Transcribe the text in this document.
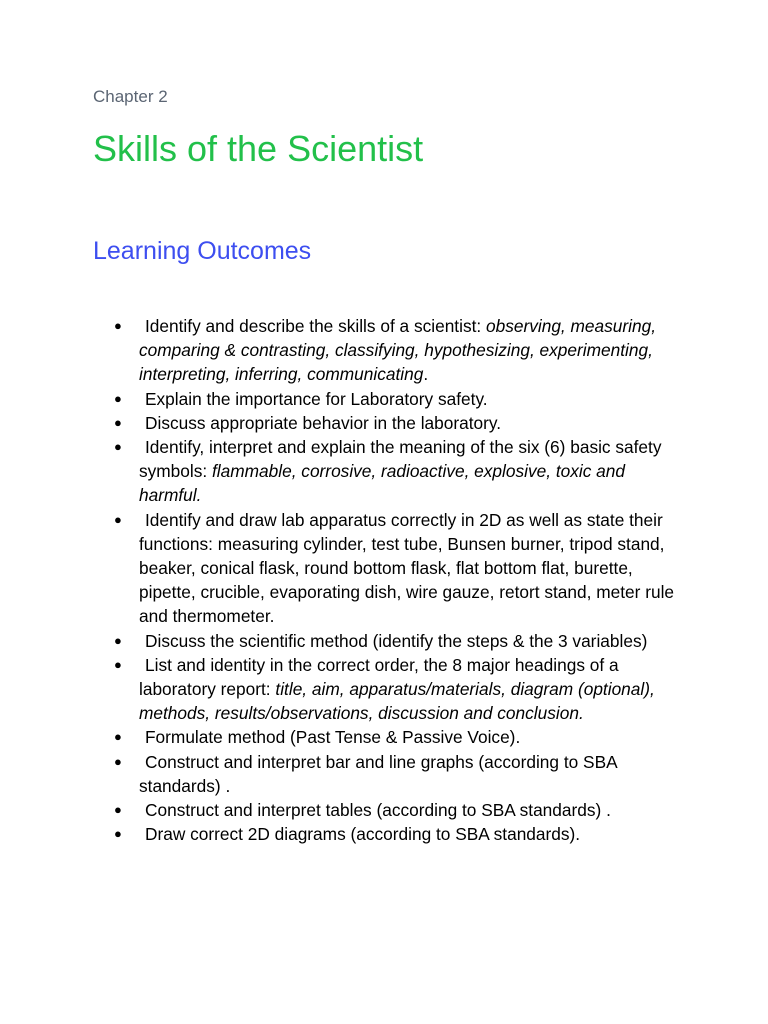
Chapter 2
Skills of the Scientist
Learning Outcomes
● Identify and describe the skills of a scientist: observing, measuring, comparing & contrasting, classifying, hypothesizing, experimenting, interpreting, inferring, communicating.
● Explain the importance for Laboratory safety.
● Discuss appropriate behavior in the laboratory.
● Identify, interpret and explain the meaning of the six (6) basic safety symbols: flammable, corrosive, radioactive, explosive, toxic and harmful.
● Identify and draw lab apparatus correctly in 2D as well as state their functions: measuring cylinder, test tube, Bunsen burner, tripod stand, beaker, conical flask, round bottom flask, flat bottom flat, burette, pipette, crucible, evaporating dish, wire gauze, retort stand, meter rule and thermometer.
● Discuss the scientific method (identify the steps & the 3 variables)
● List and identity in the correct order, the 8 major headings of a laboratory report: title, aim, apparatus/materials, diagram (optional), methods, results/observations, discussion and conclusion.
● Formulate method (Past Tense & Passive Voice).
● Construct and interpret bar and line graphs (according to SBA standards) .
● Construct and interpret tables (according to SBA standards) .
● Draw correct 2D diagrams (according to SBA standards).
